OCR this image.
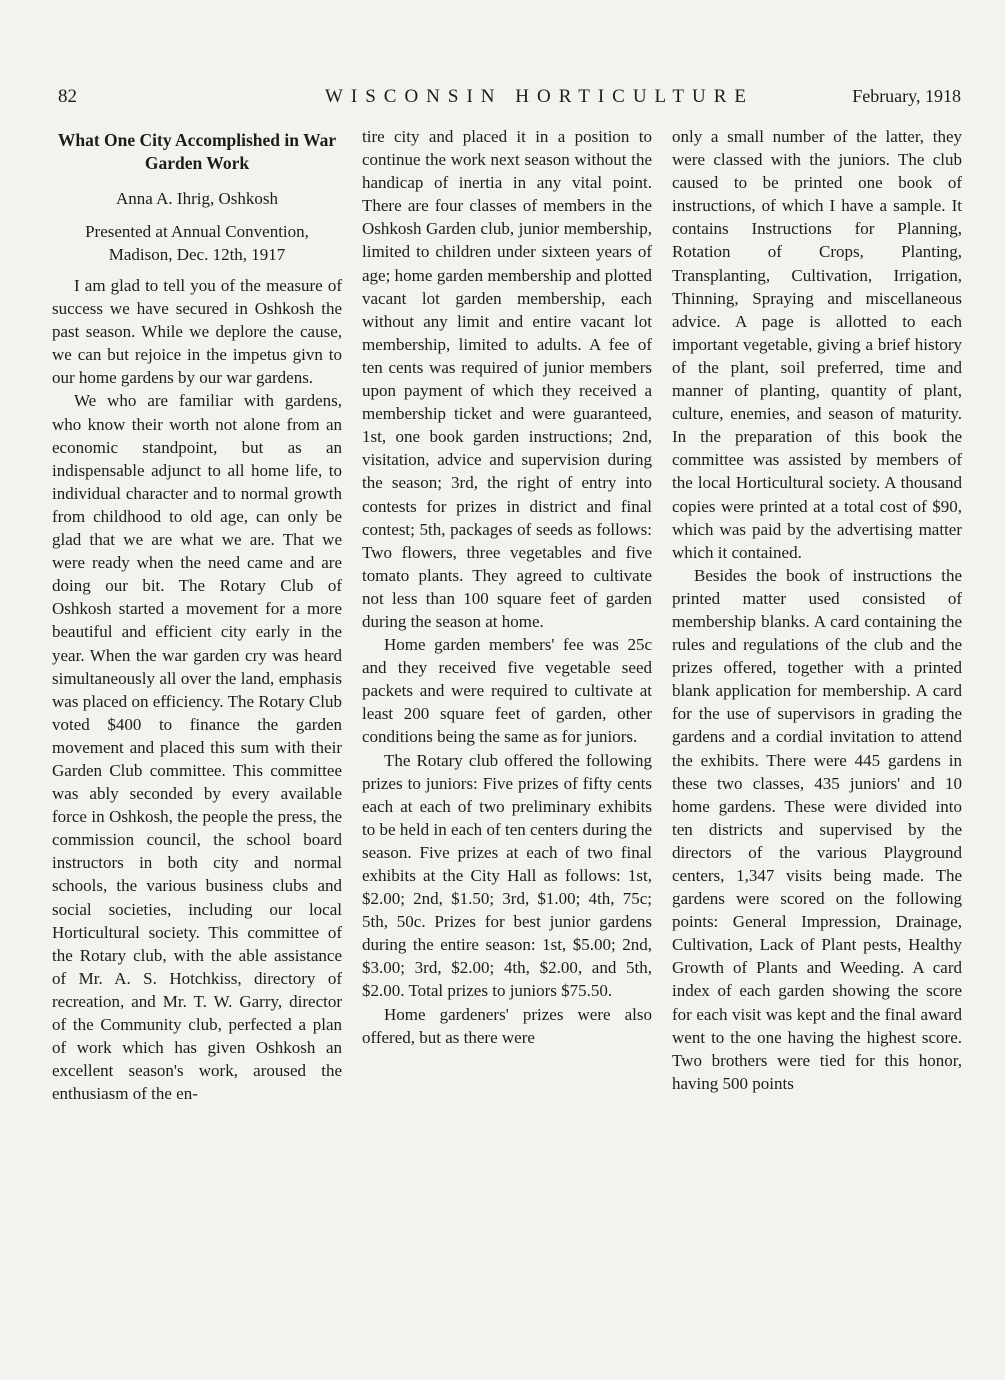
82	WISCONSIN HORTICULTURE	February, 1918
What One City Accomplished in War Garden Work
Anna A. Ihrig, Oshkosh
Presented at Annual Convention, Madison, Dec. 12th, 1917

I am glad to tell you of the measure of success we have secured in Oshkosh the past season. While we deplore the cause, we can but rejoice in the impetus givn to our home gardens by our war gardens.

We who are familiar with gardens, who know their worth not alone from an economic standpoint, but as an indispensable adjunct to all home life, to individual character and to normal growth from childhood to old age, can only be glad that we are what we are. That we were ready when the need came and are doing our bit. The Rotary Club of Oshkosh started a movement for a more beautiful and efficient city early in the year. When the war garden cry was heard simultaneously all over the land, emphasis was placed on efficiency. The Rotary Club voted $400 to finance the garden movement and placed this sum with their Garden Club committee. This committee was ably seconded by every available force in Oshkosh, the people the press, the commission council, the school board instructors in both city and normal schools, the various business clubs and social societies, including our local Horticultural society. This committee of the Rotary club, with the able assistance of Mr. A. S. Hotchkiss, directory of recreation, and Mr. T. W. Garry, director of the Community club, perfected a plan of work which has given Oshkosh an excellent season's work, aroused the enthusiasm of the en-

tire city and placed it in a position to continue the work next season without the handicap of inertia in any vital point. There are four classes of members in the Oshkosh Garden club, junior membership, limited to children under sixteen years of age; home garden membership and plotted vacant lot garden membership, each without any limit and entire vacant lot membership, limited to adults. A fee of ten cents was required of junior members upon payment of which they received a membership ticket and were guaranteed, 1st, one book garden instructions; 2nd, visitation, advice and supervision during the season; 3rd, the right of entry into contests for prizes in district and final contest; 5th, packages of seeds as follows: Two flowers, three vegetables and five tomato plants. They agreed to cultivate not less than 100 square feet of garden during the season at home.

Home garden members' fee was 25c and they received five vegetable seed packets and were required to cultivate at least 200 square feet of garden, other conditions being the same as for juniors.

The Rotary club offered the following prizes to juniors: Five prizes of fifty cents each at each of two preliminary exhibits to be held in each of ten centers during the season. Five prizes at each of two final exhibits at the City Hall as follows: 1st, $2.00; 2nd, $1.50; 3rd, $1.00; 4th, 75c; 5th, 50c. Prizes for best junior gardens during the entire season: 1st, $5.00; 2nd, $3.00; 3rd, $2.00; 4th, $2.00, and 5th, $2.00. Total prizes to juniors $75.50.

Home gardeners' prizes were also offered, but as there were

only a small number of the latter, they were classed with the juniors. The club caused to be printed one book of instructions, of which I have a sample. It contains Instructions for Planning, Rotation of Crops, Planting, Transplanting, Cultivation, Irrigation, Thinning, Spraying and miscellaneous advice. A page is allotted to each important vegetable, giving a brief history of the plant, soil preferred, time and manner of planting, quantity of plant, culture, enemies, and season of maturity. In the preparation of this book the committee was assisted by members of the local Horticultural society. A thousand copies were printed at a total cost of $90, which was paid by the advertising matter which it contained.

Besides the book of instructions the printed matter used consisted of membership blanks. A card containing the rules and regulations of the club and the prizes offered, together with a printed blank application for membership. A card for the use of supervisors in grading the gardens and a cordial invitation to attend the exhibits. There were 445 gardens in these two classes, 435 juniors' and 10 home gardens. These were divided into ten districts and supervised by the directors of the various Playground centers, 1,347 visits being made. The gardens were scored on the following points: General Impression, Drainage, Cultivation, Lack of Plant pests, Healthy Growth of Plants and Weeding. A card index of each garden showing the score for each visit was kept and the final award went to the one having the highest score. Two brothers were tied for this honor, having 500 points
